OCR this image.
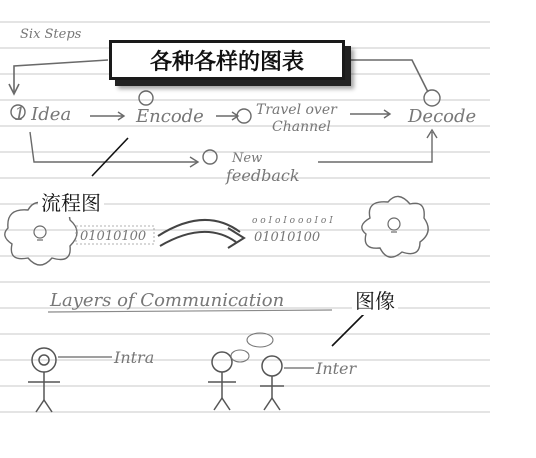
Six Steps
1 Idea	Encode	Travel over
Channel	Decode
New
feedback
01010100
o o I o I o o o I o I
01010100
Layers of Communication
Intra
Inter
各种各样的图表
流程图
图像
